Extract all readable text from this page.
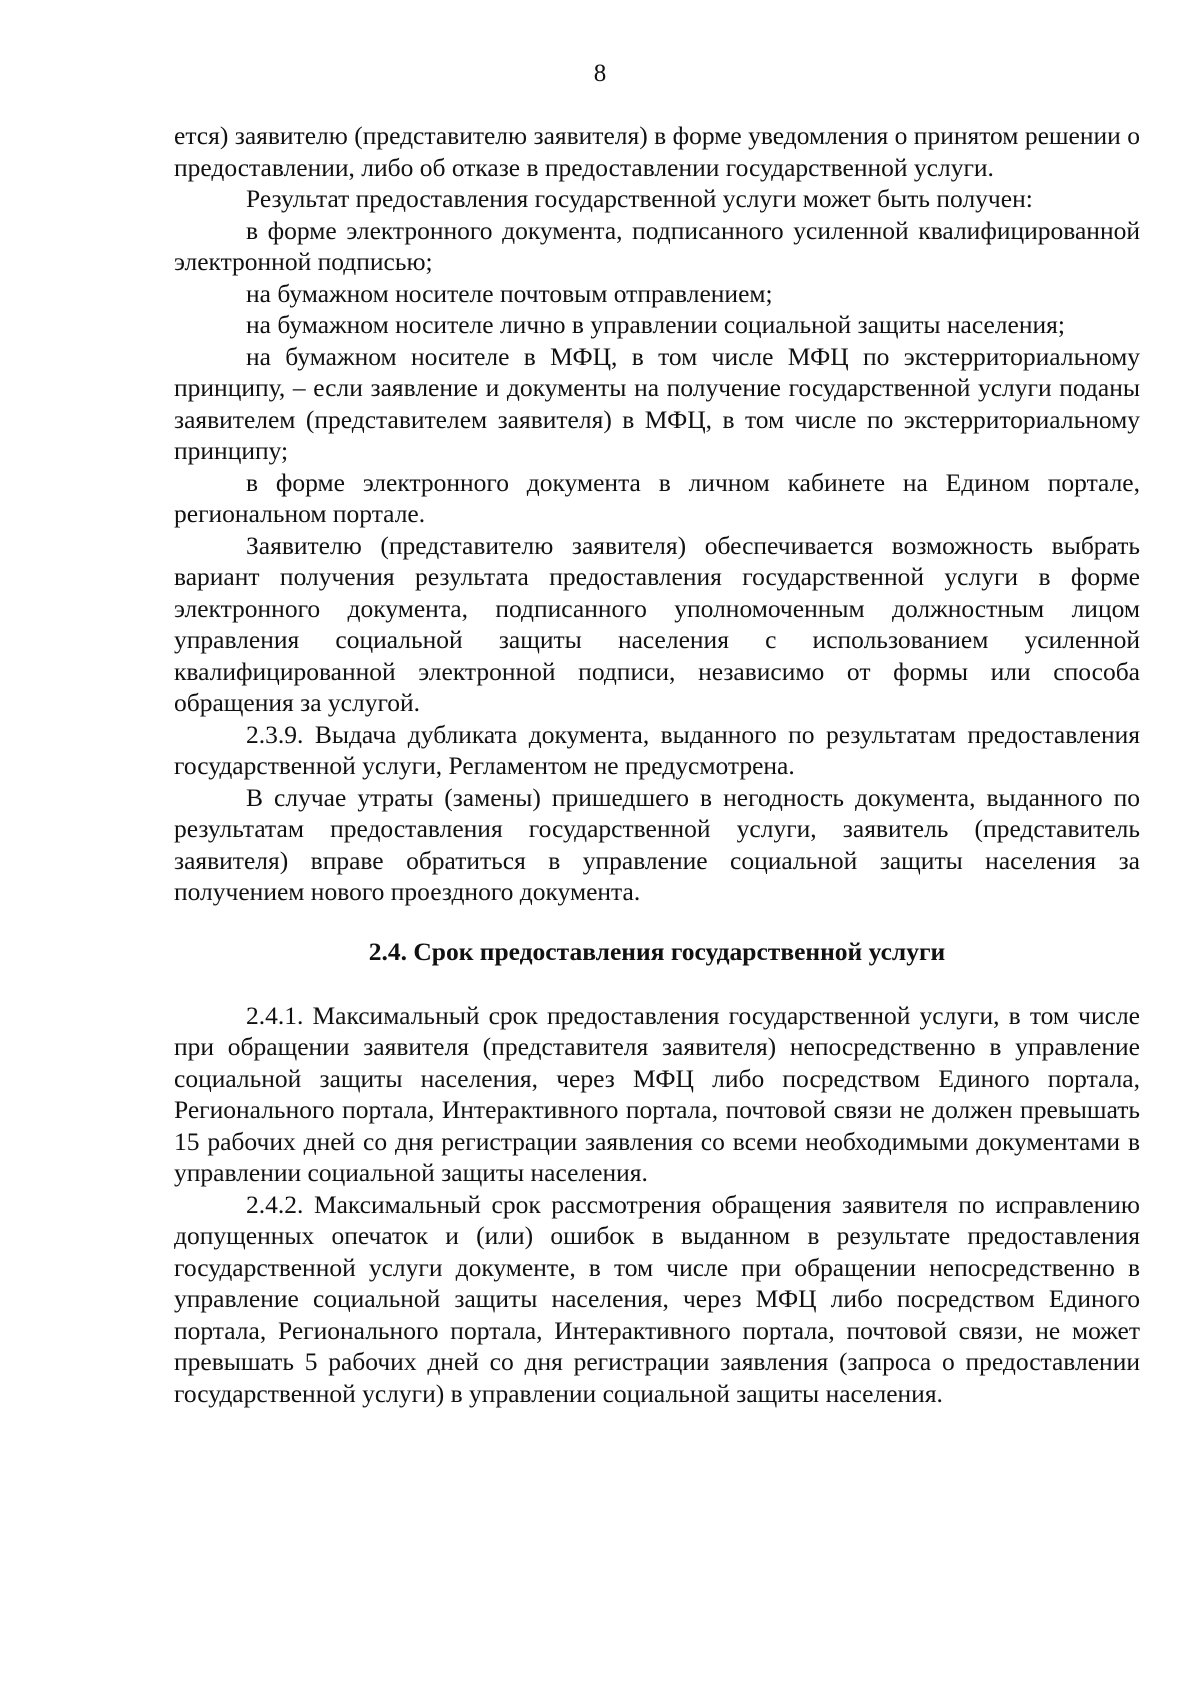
8

ется) заявителю (представителю заявителя) в форме уведомления о принятом решении о предоставлении, либо об отказе в предоставлении государственной услуги.

Результат предоставления государственной услуги может быть получен:

в форме электронного документа, подписанного усиленной квалифицированной электронной подписью;

на бумажном носителе почтовым отправлением;

на бумажном носителе лично в управлении социальной защиты населения;

на бумажном носителе в МФЦ, в том числе МФЦ по экстерриториальному принципу, – если заявление и документы на получение государственной услуги поданы заявителем (представителем заявителя) в МФЦ, в том числе по экстерриториальному принципу;

в форме электронного документа в личном кабинете на Едином портале, региональном портале.

Заявителю (представителю заявителя) обеспечивается возможность выбрать вариант получения результата предоставления государственной услуги в форме электронного документа, подписанного уполномоченным должностным лицом управления социальной защиты населения с использованием усиленной квалифицированной электронной подписи, независимо от формы или способа обращения за услугой.

2.3.9. Выдача дубликата документа, выданного по результатам предоставления государственной услуги, Регламентом не предусмотрена.

В случае утраты (замены) пришедшего в негодность документа, выданного по результатам предоставления государственной услуги, заявитель (представитель заявителя) вправе обратиться в управление социальной защиты населения за получением нового проездного документа.

2.4. Срок предоставления государственной услуги

2.4.1. Максимальный срок предоставления государственной услуги, в том числе при обращении заявителя (представителя заявителя) непосредственно в управление социальной защиты населения, через МФЦ либо посредством Единого портала, Регионального портала, Интерактивного портала, почтовой связи не должен превышать 15 рабочих дней со дня регистрации заявления со всеми необходимыми документами в управлении социальной защиты населения.

2.4.2. Максимальный срок рассмотрения обращения заявителя по исправлению допущенных опечаток и (или) ошибок в выданном в результате предоставления государственной услуги документе, в том числе при обращении непосредственно в управление социальной защиты населения, через МФЦ либо посредством Единого портала, Регионального портала, Интерактивного портала, почтовой связи, не может превышать 5 рабочих дней со дня регистрации заявления (запроса о предоставлении государственной услуги) в управлении социальной защиты населения.
